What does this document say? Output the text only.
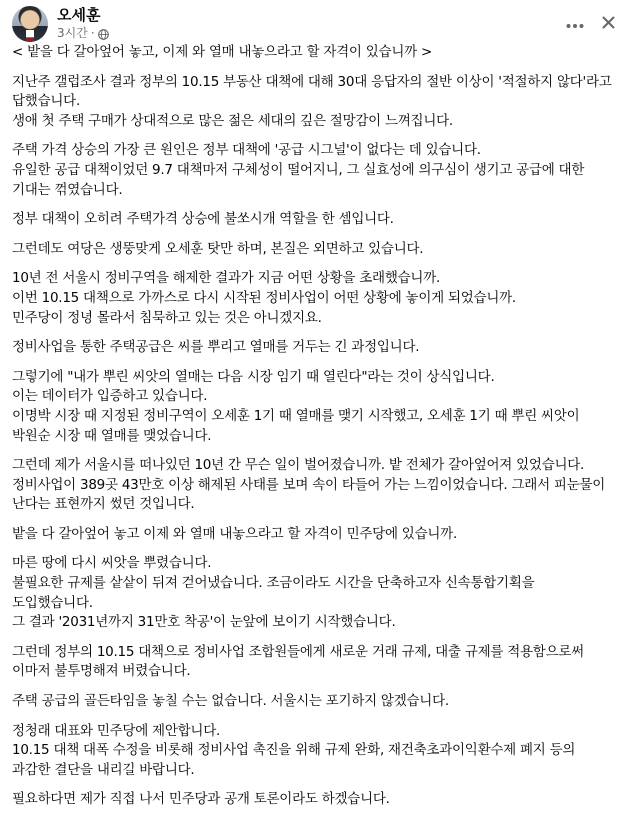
오세훈
3시간 ·
< 밭을 다 갈아엎어 놓고, 이제 와 열매 내놓으라고 할 자격이 있습니까 >
지난주 갤럽조사 결과 정부의 10.15 부동산 대책에 대해 30대 응답자의 절반 이상이 '적절하지 않다'라고 답했습니다.
생애 첫 주택 구매가 상대적으로 많은 젊은 세대의 깊은 절망감이 느껴집니다.
주택 가격 상승의 가장 큰 원인은 정부 대책에 '공급 시그널'이 없다는 데 있습니다.
유일한 공급 대책이었던 9.7 대책마저 구체성이 떨어지니, 그 실효성에 의구심이 생기고 공급에 대한 기대는 꺾였습니다.
정부 대책이 오히려 주택가격 상승에 불쏘시개 역할을 한 셈입니다.
그런데도 여당은 생뚱맞게 오세훈 탓만 하며, 본질은 외면하고 있습니다.
10년 전 서울시 정비구역을 해제한 결과가 지금 어떤 상황을 초래했습니까.
이번 10.15 대책으로 가까스로 다시 시작된 정비사업이 어떤 상황에 놓이게 되었습니까.
민주당이 정녕 몰라서 침묵하고 있는 것은 아니겠지요.
정비사업을 통한 주택공급은 씨를 뿌리고 열매를 거두는 긴 과정입니다.
그렇기에 "내가 뿌린 씨앗의 열매는 다음 시장 임기 때 열린다"라는 것이 상식입니다.
이는 데이터가 입증하고 있습니다.
이명박 시장 때 지정된 정비구역이 오세훈 1기 때 열매를 맺기 시작했고, 오세훈 1기 때 뿌린 씨앗이 박원순 시장 때 열매를 맺었습니다.
그런데 제가 서울시를 떠나있던 10년 간 무슨 일이 벌어졌습니까. 밭 전체가 갈아엎어져 있었습니다. 정비사업이 389곳 43만호 이상 해제된 사태를 보며 속이 타들어 가는 느낌이었습니다. 그래서 피눈물이 난다는 표현까지 썼던 것입니다.
밭을 다 갈아엎어 놓고 이제 와 열매 내놓으라고 할 자격이 민주당에 있습니까.
마른 땅에 다시 씨앗을 뿌렸습니다.
불필요한 규제를 샅샅이 뒤져 걷어냈습니다. 조금이라도 시간을 단축하고자 신속통합기획을 도입했습니다.
그 결과 '2031년까지 31만호 착공'이 눈앞에 보이기 시작했습니다.
그런데 정부의 10.15 대책으로 정비사업 조합원들에게 새로운 거래 규제, 대출 규제를 적용함으로써 이마저 불투명해져 버렸습니다.
주택 공급의 골든타임을 놓칠 수는 없습니다. 서울시는 포기하지 않겠습니다.
정청래 대표와 민주당에 제안합니다.
10.15 대책 대폭 수정을 비롯해 정비사업 촉진을 위해 규제 완화, 재건축초과이익환수제 폐지 등의 과감한 결단을 내리길 바랍니다.
필요하다면 제가 직접 나서 민주당과 공개 토론이라도 하겠습니다.
